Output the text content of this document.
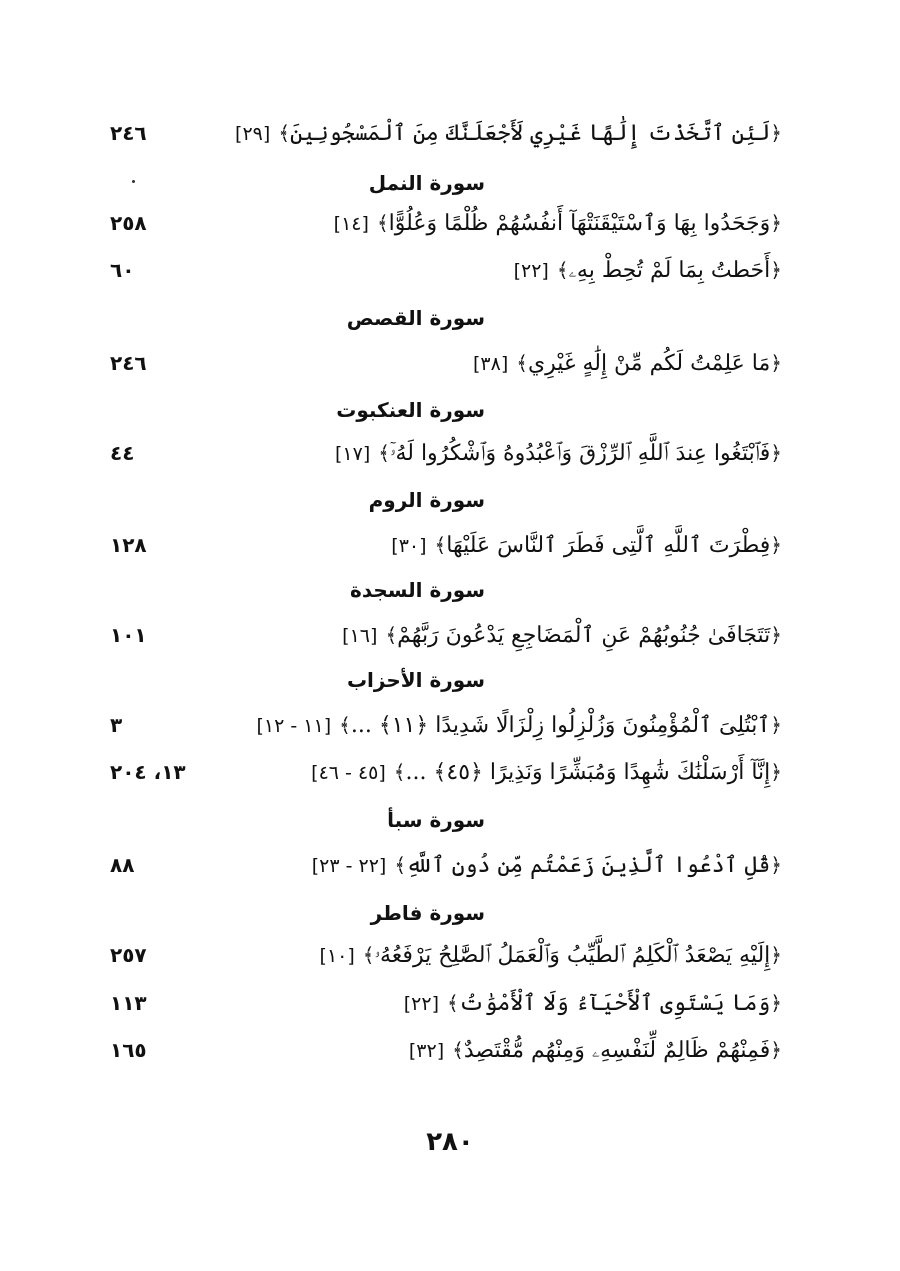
﴿لَئِنِ ٱتَّخَذْتَ إِلَٰهًا غَيْرِي لَأَجْعَلَنَّكَ مِنَ ٱلْمَسْجُونِينَ﴾[٢٩]
٢٤٦
سورة النمل
﴿وَجَحَدُوا بِهَا وَٱسْتَيْقَنَتْهَآ أَنفُسُهُمْ ظُلْمًا وَعُلُوًّا﴾[١٤]
٢٥٨
﴿أَحَطتُ بِمَا لَمْ تُحِطْ بِهِۦ﴾[٢٢]
٦٠
سورة القصص
﴿مَا عَلِمْتُ لَكُم مِّنْ إِلَٰهٍ غَيْرِي﴾[٣٨]
٢٤٦
سورة العنكبوت
﴿فَٱبْتَغُوا عِندَ ٱللَّهِ ٱلرِّزْقَ وَٱعْبُدُوهُ وَٱشْكُرُوا لَهُۥٓ﴾[١٧]
٤٤
سورة الروم
﴿فِطْرَتَ ٱللَّهِ ٱلَّتِى فَطَرَ ٱلنَّاسَ عَلَيْهَا﴾[٣٠]
١٢٨
سورة السجدة
﴿تَتَجَافَىٰ جُنُوبُهُمْ عَنِ ٱلْمَضَاجِعِ يَدْعُونَ رَبَّهُمْ﴾[١٦]
١٠١
سورة الأحزاب
﴿ٱبْتُلِىَ ٱلْمُؤْمِنُونَ وَزُلْزِلُوا زِلْزَالًا شَدِيدًا ﴿١١﴾ ...﴾[١١ - ١٢]
٣
﴿إِنَّآ أَرْسَلْنَٰكَ شَٰهِدًا وَمُبَشِّرًا وَنَذِيرًا ﴿٤٥﴾ ...﴾[٤٥ - ٤٦]
١٣، ٢٠٤
سورة سبأ
﴿قُلِ ٱدْعُوا ٱلَّذِينَ زَعَمْتُم مِّن دُونِ ٱللَّهِ﴾[٢٢ - ٢٣]
٨٨
سورة فاطر
﴿إِلَيْهِ يَصْعَدُ ٱلْكَلِمُ ٱلطَّيِّبُ وَٱلْعَمَلُ ٱلصَّٰلِحُ يَرْفَعُهُۥ﴾[١٠]
٢٥٧
﴿وَمَا يَسْتَوِى ٱلْأَحْيَآءُ وَلَا ٱلْأَمْوَٰتُ﴾[٢٢]
١١٣
﴿فَمِنْهُمْ ظَالِمٌ لِّنَفْسِهِۦ وَمِنْهُم مُّقْتَصِدٌ﴾[٣٢]
١٦٥
٢٨٠
